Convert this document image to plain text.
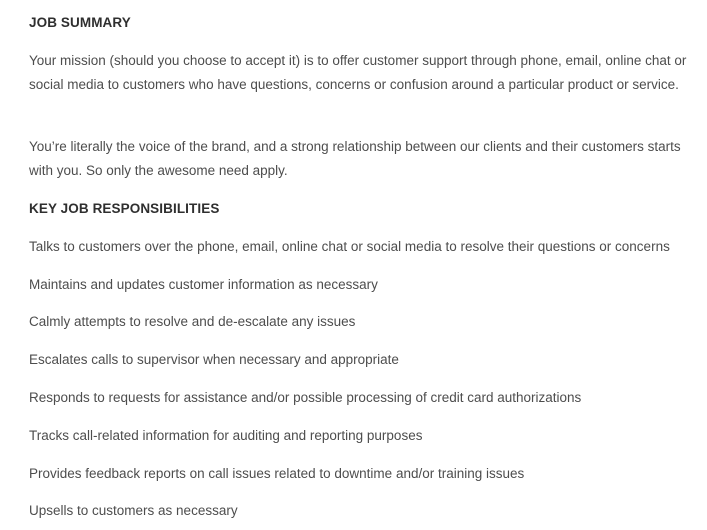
JOB SUMMARY

Your mission (should you choose to accept it) is to offer customer support through phone, email, online chat or social media to customers who have questions, concerns or confusion around a particular product or service.

You’re literally the voice of the brand, and a strong relationship between our clients and their customers starts with you. So only the awesome need apply.

KEY JOB RESPONSIBILITIES
Talks to customers over the phone, email, online chat or social media to resolve their questions or concerns
Maintains and updates customer information as necessary
Calmly attempts to resolve and de-escalate any issues
Escalates calls to supervisor when necessary and appropriate
Responds to requests for assistance and/or possible processing of credit card authorizations
Tracks call-related information for auditing and reporting purposes
Provides feedback reports on call issues related to downtime and/or training issues
Upsells to customers as necessary
